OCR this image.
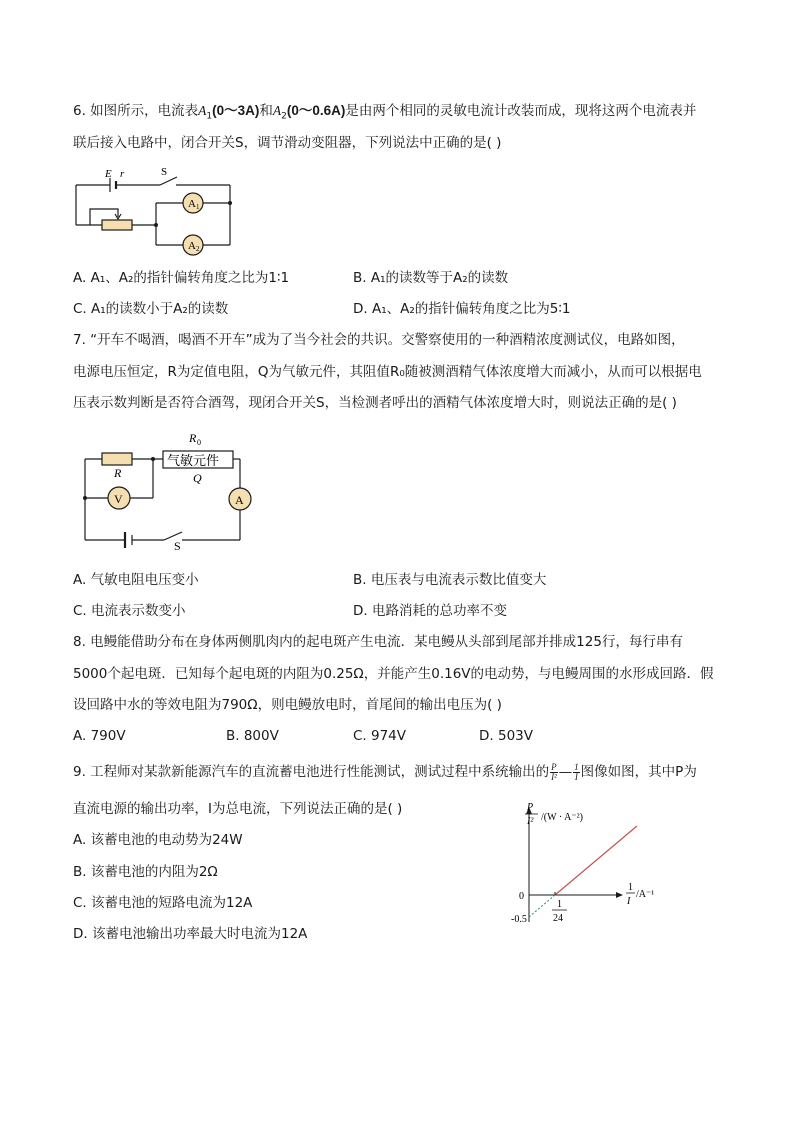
6. 如图所示，电流表$A_1(0\sim 3A)$和$A_2(0\sim 0.6A)$是由两个相同的灵敏电流计改装而成，现将这两个电流表并
联后接入电路中，闭合开关S，调节滑动变阻器，下列说法中正确的是( )
E r	S
A 1
A 2
A. A₁、A₂的指针偏转角度之比为1∶1	B. A₁的读数等于A₂的读数
C. A₁的读数小于A₂的读数	D. A₁、A₂的指针偏转角度之比为5∶1
7. “开车不喝酒，喝酒不开车”成为了当今社会的共识。交警察使用的一种酒精浓度测试仪，电路如图，
电源电压恒定，R为定值电阻，Q为气敏元件，其阻值R₀随被测酒精气体浓度增大而减小，从而可以根据电
压表示数判断是否符合酒驾，现闭合开关S，当检测者呼出的酒精气体浓度增大时，则说法正确的是( )
R 0
气敏元件
Q
R
V	A
S
A. 气敏电阻电压变小	B. 电压表与电流表示数比值变大
C. 电流表示数变小	D. 电路消耗的总功率不变
8. 电鳗能借助分布在身体两侧肌肉内的起电斑产生电流．某电鳗从头部到尾部并排成125行，每行串有
5000个起电斑．已知每个起电斑的内阻为0.25Ω，并能产生0.16V的电动势，与电鳗周围的水形成回路．假
设回路中水的等效电阻为790Ω，则电鳗放电时，首尾间的输出电压为( )
A. 790V	B. 800V	C. 974V	D. 503V
9. 工程师对某款新能源汽车的直流蓄电池进行性能测试，测试过程中系统输出的 $\frac{P}{\text{I²}}$ — $\frac{1}{I}$ 图像如图，其中P为
直流电源的输出功率，I为总电流，下列说法正确的是( )
A. 该蓄电池的电动势为24W
B. 该蓄电池的内阻为2Ω
C. 该蓄电池的短路电流为12A
D. 该蓄电池输出功率最大时电流为12A
P
I² /(W · A⁻²)
1
I
/A⁻¹
0
-0.5
1
24
